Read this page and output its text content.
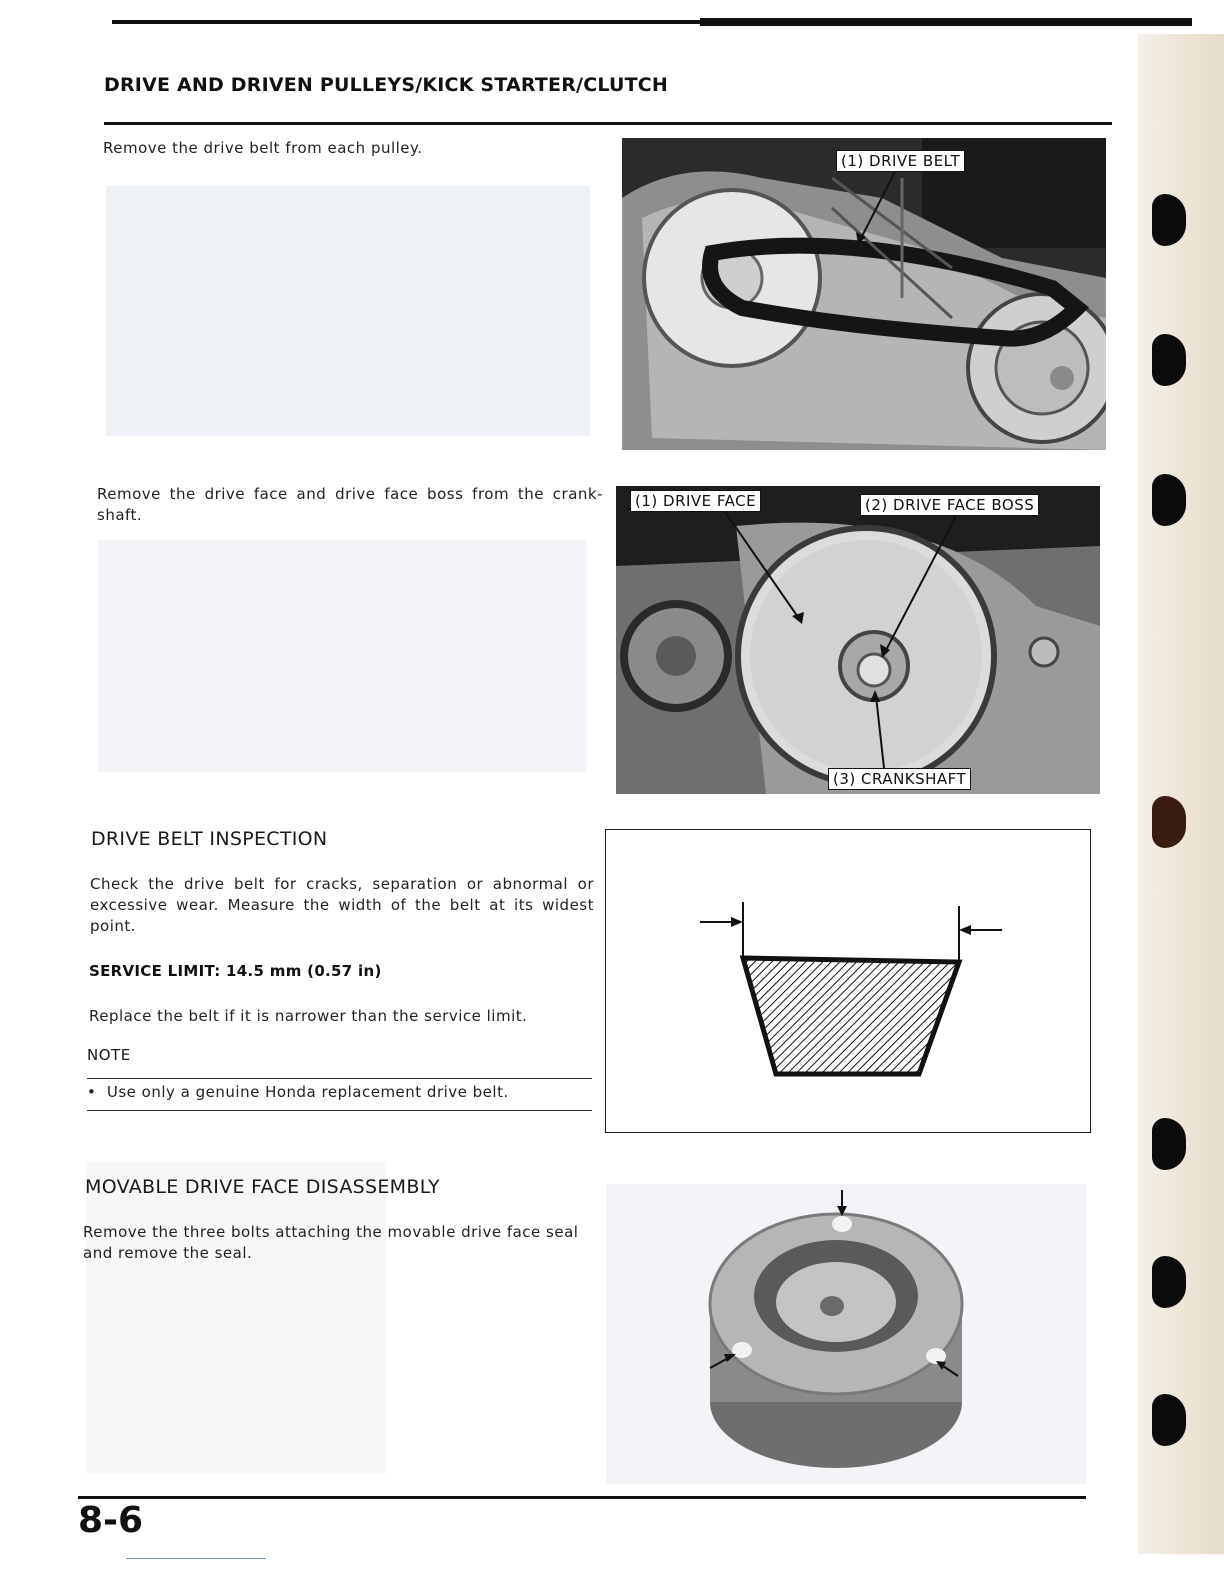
DRIVE AND DRIVEN PULLEYS/KICK STARTER/CLUTCH
Remove the drive belt from each pulley.
(1) DRIVE BELT
Remove the drive face and drive face boss from the crank-shaft.
(1) DRIVE FACE	(2) DRIVE FACE BOSS
(3) CRANKSHAFT
DRIVE BELT INSPECTION
Check the drive belt for cracks, separation or abnormal or excessive wear. Measure the width of the belt at its widest point.
SERVICE LIMIT: 14.5 mm (0.57 in)
Replace the belt if it is narrower than the service limit.
NOTE
•  Use only a genuine Honda replacement drive belt.
MOVABLE DRIVE FACE DISASSEMBLY
Remove the three bolts attaching the movable drive face seal and remove the seal.
8-6
